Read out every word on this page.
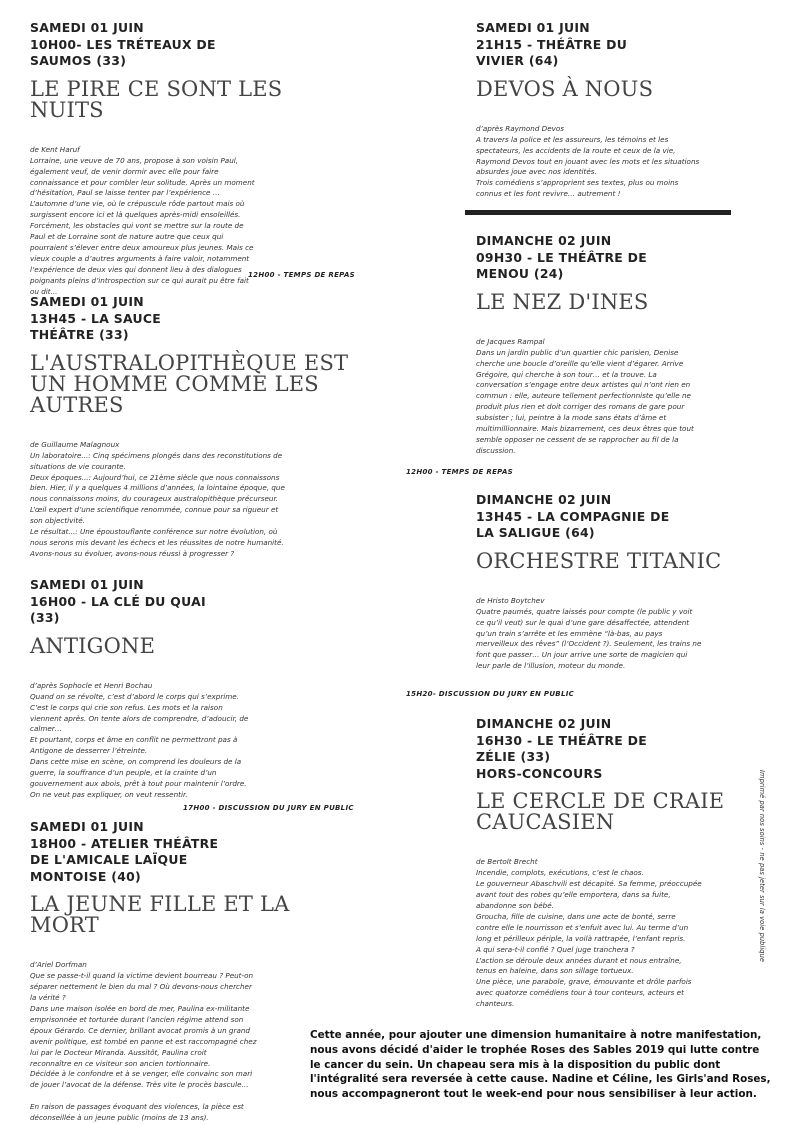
SAMEDI 01 JUIN
10H00- LES TRÉTEAUX DE
SAUMOS (33)

LE PIRE CE SONT LES NUITS

de Kent Haruf
Lorraine, une veuve de 70 ans, propose à son voisin Paul,
également veuf, de venir dormir avec elle pour faire
connaissance et pour combler leur solitude. Après un moment
d’hésitation, Paul se laisse tenter par l’expérience …
L’automne d’une vie, où le crépuscule rôde partout mais où
surgissent encore ici et là quelques après-midi ensoleillés.
Forcément, les obstacles qui vont se mettre sur la route de
Paul et de Lorraine sont de nature autre que ceux qui
pourraient s’élever entre deux amoureux plus jeunes. Mais ce
vieux couple a d’autres arguments à faire valoir, notamment
l’expérience de deux vies qui donnent lieu à des dialogues
poignants pleins d’introspection sur ce qui aurait pu être fait
ou dit...

12H00 - TEMPS DE REPAS

SAMEDI 01 JUIN
13H45 - LA SAUCE
THÉÂTRE (33)

L'AUSTRALOPITHÈQUE EST UN HOMME COMME LES AUTRES

de Guillaume Malagnoux
Un laboratoire...: Cinq spécimens plongés dans des reconstitutions de
situations de vie courante.
Deux époques...: Aujourd’hui, ce 21ème siècle que nous connaissons
bien. Hier, il y a quelques 4 millions d’années, la lointaine époque, que
nous connaissons moins, du courageux australopithèque précurseur.
L’œil expert d’une scientifique renommée, connue pour sa rigueur et
son objectivité.
Le résultat...: Une époustouflante conférence sur notre évolution, où
nous serons mis devant les échecs et les réussites de notre humanité.
Avons-nous su évoluer, avons-nous réussi à progresser ?

SAMEDI 01 JUIN
16H00 - LA CLÉ DU QUAI
(33)

ANTIGONE

d’après Sophocle et Henri Bochau
Quand on se révolte, c’est d’abord le corps qui s’exprime.
C’est le corps qui crie son refus. Les mots et la raison
viennent après. On tente alors de comprendre, d’adoucir, de
calmer…
Et pourtant, corps et âme en conflit ne permettront pas à
Antigone de desserrer l’étreinte.
Dans cette mise en scène, on comprend les douleurs de la
guerre, la souffrance d’un peuple, et la crainte d’un
gouvernement aux abois, prêt à tout pour maintenir l’ordre.
On ne veut pas expliquer, on veut ressentir.

17H00 - DISCUSSION DU JURY EN PUBLIC

SAMEDI 01 JUIN
18H00 - ATELIER THÉÂTRE
DE L'AMICALE LAÏQUE
MONTOISE (40)

LA JEUNE FILLE ET LA MORT

d’Ariel Dorfman
Que se passe-t-il quand la victime devient bourreau ? Peut-on
séparer nettement le bien du mal ? Où devons-nous chercher
la vérité ?
Dans une maison isolée en bord de mer, Paulina ex-militante
emprisonnée et torturée durant l’ancien régime attend son
époux Gérardo. Ce dernier, brillant avocat promis à un grand
avenir politique, est tombé en panne et est raccompagné chez
lui par le Docteur Miranda. Aussitôt, Paulina croit
reconnaître en ce visiteur son ancien tortionnaire.
Décidée à le confondre et à se venger, elle convainc son mari
de jouer l’avocat de la défense. Très vite le procès bascule…

En raison de passages évoquant des violences, la pièce est
déconseillée à un jeune public (moins de 13 ans).

SAMEDI 01 JUIN
21H15 - THÉÂTRE DU
VIVIER (64)

DEVOS À NOUS

d’après Raymond Devos
A travers la police et les assureurs, les témoins et les
spectateurs, les accidents de la route et ceux de la vie,
Raymond Devos tout en jouant avec les mots et les situations
absurdes joue avec nos identités.
Trois comédiens s’approprient ses textes, plus ou moins
connus et les font revivre… autrement !

DIMANCHE 02 JUIN
09H30 - LE THÉÂTRE DE
MENOU (24)

LE NEZ D'INES

de Jacques Rampal
Dans un jardin public d’un quartier chic parisien, Denise
cherche une boucle d’oreille qu’elle vient d’égarer. Arrive
Grégoire, qui cherche à son tour… et la trouve. La
conversation s’engage entre deux artistes qui n’ont rien en
commun : elle, auteure tellement perfectionniste qu’elle ne
produit plus rien et doit corriger des romans de gare pour
subsister ; lui, peintre à la mode sans états d’âme et
multimillionnaire. Mais bizarrement, ces deux êtres que tout
semble opposer ne cessent de se rapprocher au fil de la
discussion.

12H00 - TEMPS DE REPAS

DIMANCHE 02 JUIN
13H45 - LA COMPAGNIE DE
LA SALIGUE (64)

ORCHESTRE TITANIC

de Hristo Boytchev
Quatre paumés, quatre laissés pour compte (le public y voit
ce qu’il veut) sur le quai d’une gare désaffectée, attendent
qu’un train s’arrête et les emmène “là-bas, au pays
merveilleux des rêves” (l’Occident ?). Seulement, les trains ne
font que passer… Un jour arrive une sorte de magicien qui
leur parle de l’illusion, moteur du monde.

15H20- DISCUSSION DU JURY EN PUBLIC

DIMANCHE 02 JUIN
16H30 - LE THÉÂTRE DE
ZÉLIE (33)
HORS-CONCOURS

LE CERCLE DE CRAIE CAUCASIEN

de Bertolt Brecht
Incendie, complots, exécutions, c’est le chaos.
Le gouverneur Abaschvili est décapité. Sa femme, préoccupée
avant tout des robes qu’elle emportera, dans sa fuite,
abandonne son bébé.
Groucha, fille de cuisine, dans une acte de bonté, serre
contre elle le nourrisson et s’enfuit avec lui. Au terme d’un
long et périlleux périple, la voilà rattrapée, l’enfant repris.
A qui sera-t-il confié ? Quel juge tranchera ?
L’action se déroule deux années durant et nous entraîne,
tenus en haleine, dans son sillage tortueux.
Une pièce, une parabole, grave, émouvante et drôle parfois
avec quatorze comédiens tour à tour conteurs, acteurs et
chanteurs.

Cette année, pour ajouter une dimension humanitaire à notre manifestation, nous avons décidé d'aider le trophée Roses des Sables 2019 qui lutte contre le cancer du sein. Un chapeau sera mis à la disposition du public dont l'intégralité sera reversée à cette cause. Nadine et Céline, les Girls'and Roses, nous accompagneront tout le week-end pour nous sensibiliser à leur action.
Imprimé par nos soins - ne pas jeter sur la voie publique
